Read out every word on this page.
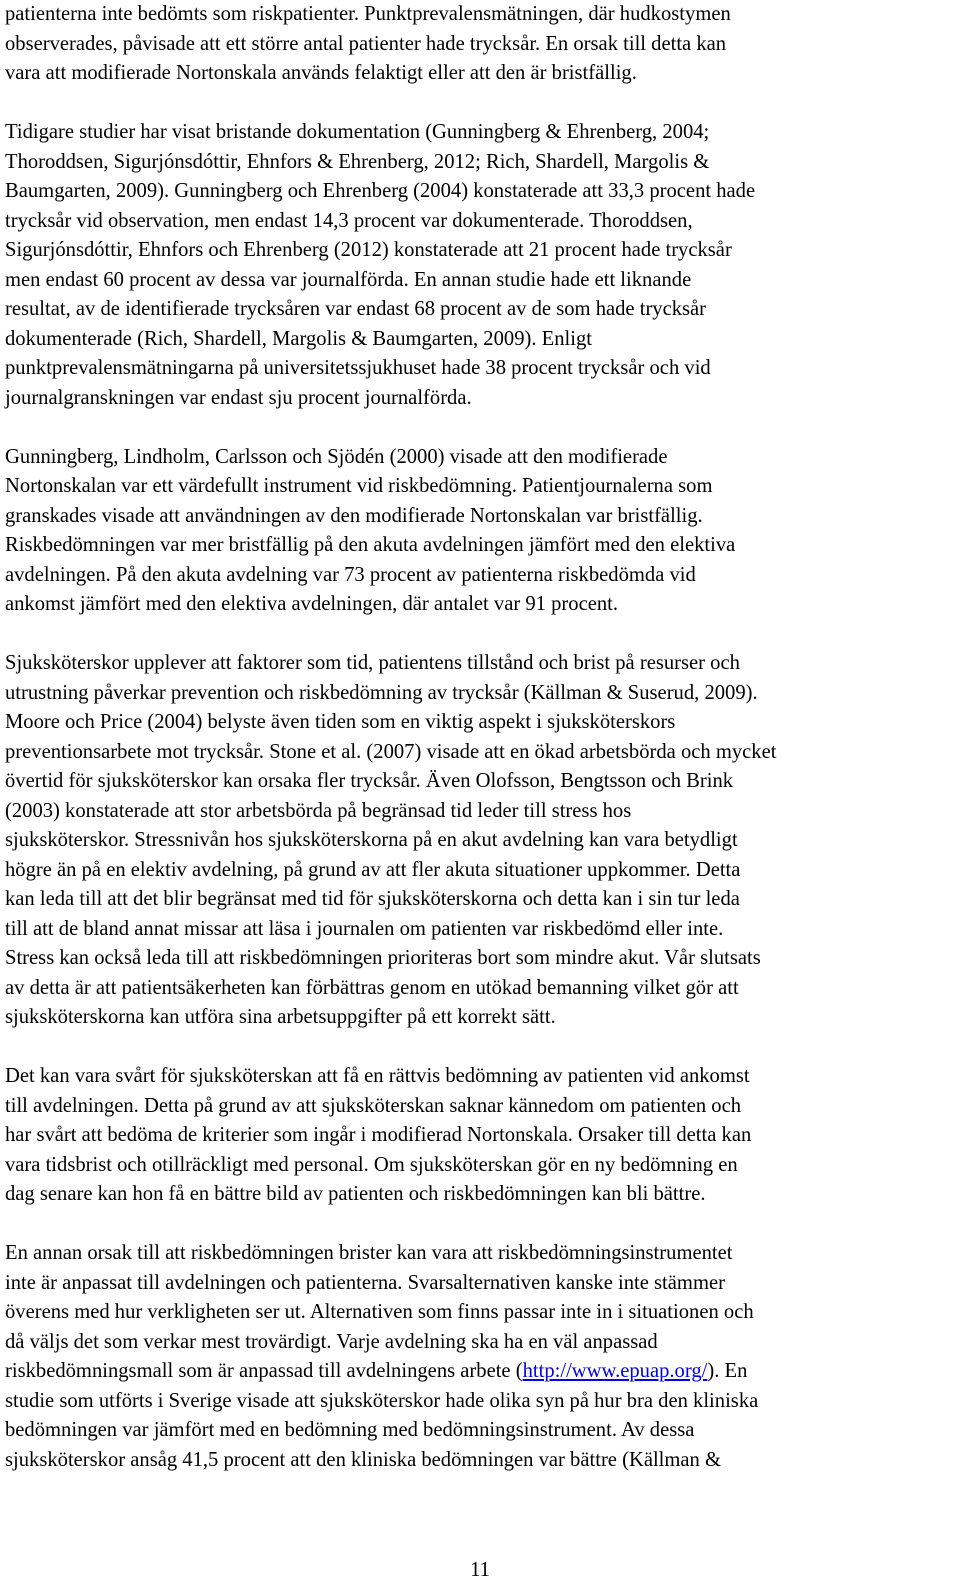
patienterna inte bedömts som riskpatienter. Punktprevalensmätningen, där hudkostymen
observerades, påvisade att ett större antal patienter hade trycksår. En orsak till detta kan
vara att modifierade Nortonskala används felaktigt eller att den är bristfällig.

Tidigare studier har visat bristande dokumentation (Gunningberg & Ehrenberg, 2004;
Thoroddsen, Sigurjónsdóttir, Ehnfors & Ehrenberg, 2012; Rich, Shardell, Margolis &
Baumgarten, 2009). Gunningberg och Ehrenberg (2004) konstaterade att 33,3 procent hade
trycksår vid observation, men endast 14,3 procent var dokumenterade. Thoroddsen,
Sigurjónsdóttir, Ehnfors och Ehrenberg (2012) konstaterade att 21 procent hade trycksår
men endast 60 procent av dessa var journalförda. En annan studie hade ett liknande
resultat, av de identifierade trycksåren var endast 68 procent av de som hade trycksår
dokumenterade (Rich, Shardell, Margolis & Baumgarten, 2009). Enligt
punktprevalensmätningarna på universitetssjukhuset hade 38 procent trycksår och vid
journalgranskningen var endast sju procent journalförda.

Gunningberg, Lindholm, Carlsson och Sjödén (2000) visade att den modifierade
Nortonskalan var ett värdefullt instrument vid riskbedömning. Patientjournalerna som
granskades visade att användningen av den modifierade Nortonskalan var bristfällig.
Riskbedömningen var mer bristfällig på den akuta avdelningen jämfört med den elektiva
avdelningen. På den akuta avdelning var 73 procent av patienterna riskbedömda vid
ankomst jämfört med den elektiva avdelningen, där antalet var 91 procent.

Sjuksköterskor upplever att faktorer som tid, patientens tillstånd och brist på resurser och
utrustning påverkar prevention och riskbedömning av trycksår (Källman & Suserud, 2009).
Moore och Price (2004) belyste även tiden som en viktig aspekt i sjuksköterskors
preventionsarbete mot trycksår. Stone et al. (2007) visade att en ökad arbetsbörda och mycket
övertid för sjuksköterskor kan orsaka fler trycksår. Även Olofsson, Bengtsson och Brink
(2003) konstaterade att stor arbetsbörda på begränsad tid leder till stress hos
sjuksköterskor. Stressnivån hos sjuksköterskorna på en akut avdelning kan vara betydligt
högre än på en elektiv avdelning, på grund av att fler akuta situationer uppkommer. Detta
kan leda till att det blir begränsat med tid för sjuksköterskorna och detta kan i sin tur leda
till att de bland annat missar att läsa i journalen om patienten var riskbedömd eller inte.
Stress kan också leda till att riskbedömningen prioriteras bort som mindre akut. Vår slutsats
av detta är att patientsäkerheten kan förbättras genom en utökad bemanning vilket gör att
sjuksköterskorna kan utföra sina arbetsuppgifter på ett korrekt sätt.

Det kan vara svårt för sjuksköterskan att få en rättvis bedömning av patienten vid ankomst
till avdelningen. Detta på grund av att sjuksköterskan saknar kännedom om patienten och
har svårt att bedöma de kriterier som ingår i modifierad Nortonskala. Orsaker till detta kan
vara tidsbrist och otillräckligt med personal. Om sjuksköterskan gör en ny bedömning en
dag senare kan hon få en bättre bild av patienten och riskbedömningen kan bli bättre.

En annan orsak till att riskbedömningen brister kan vara att riskbedömningsinstrumentet
inte är anpassat till avdelningen och patienterna. Svarsalternativen kanske inte stämmer
överens med hur verkligheten ser ut. Alternativen som finns passar inte in i situationen och
då väljs det som verkar mest trovärdigt. Varje avdelning ska ha en väl anpassad
riskbedömningsmall som är anpassad till avdelningens arbete (http://www.epuap.org/). En
studie som utförts i Sverige visade att sjuksköterskor hade olika syn på hur bra den kliniska
bedömningen var jämfört med en bedömning med bedömningsinstrument. Av dessa
sjuksköterskor ansåg 41,5 procent att den kliniska bedömningen var bättre (Källman &

11
